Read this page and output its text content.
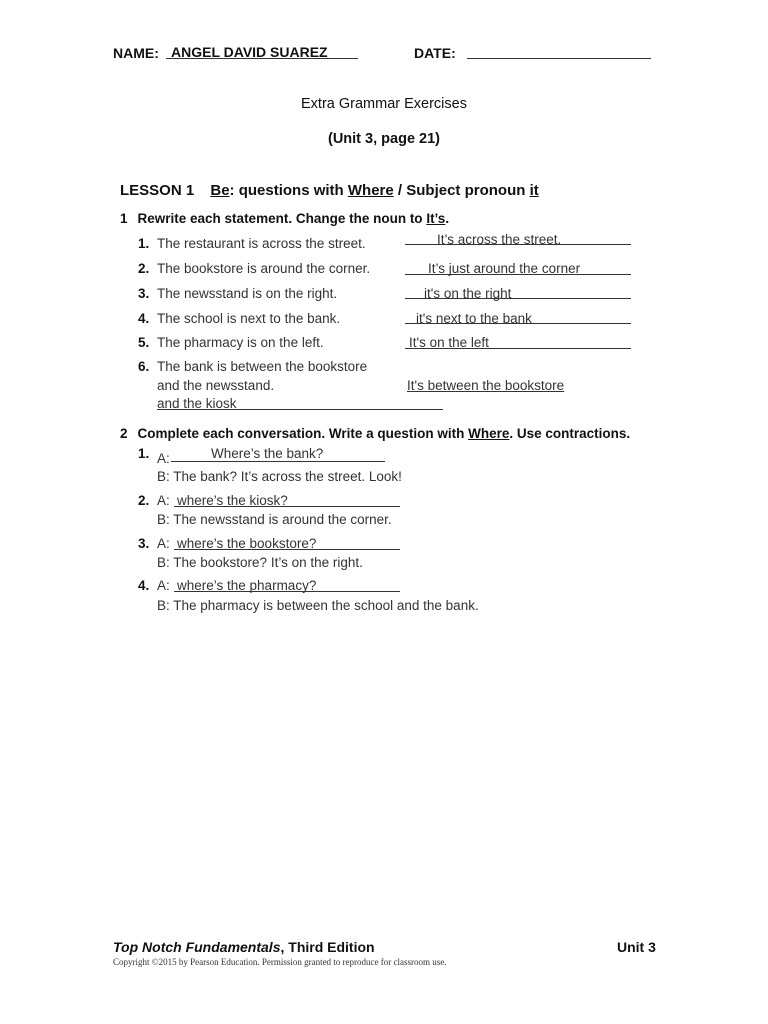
NAME: ANGEL DAVID SUAREZ	DATE:
Extra Grammar Exercises
(Unit 3, page 21)
LESSON 1 Be: questions with Where / Subject pronoun it
1 Rewrite each statement. Change the noun to It’s.
1. The restaurant is across the street.	It’s across the street.
2. The bookstore is around the corner.	It’s just around the corner
3. The newsstand is on the right.	it's on the right
4. The school is next to the bank.	it's next to the bank
5. The pharmacy is on the left.	It's on the left
6. The bank is between the bookstore
and the newsstand.	It's between the bookstore
and the kiosk
2 Complete each conversation. Write a question with Where. Use contractions.
1. A:	Where’s the bank?
B: The bank? It’s across the street. Look!
2. A: where’s the kiosk?
B: The newsstand is around the corner.
3. A: where’s the bookstore?
B: The bookstore? It’s on the right.
4. A: where’s the pharmacy?
B: The pharmacy is between the school and the bank.
Top Notch Fundamentals, Third Edition	Unit 3
Copyright ©2015 by Pearson Education. Permission granted to reproduce for classroom use.
